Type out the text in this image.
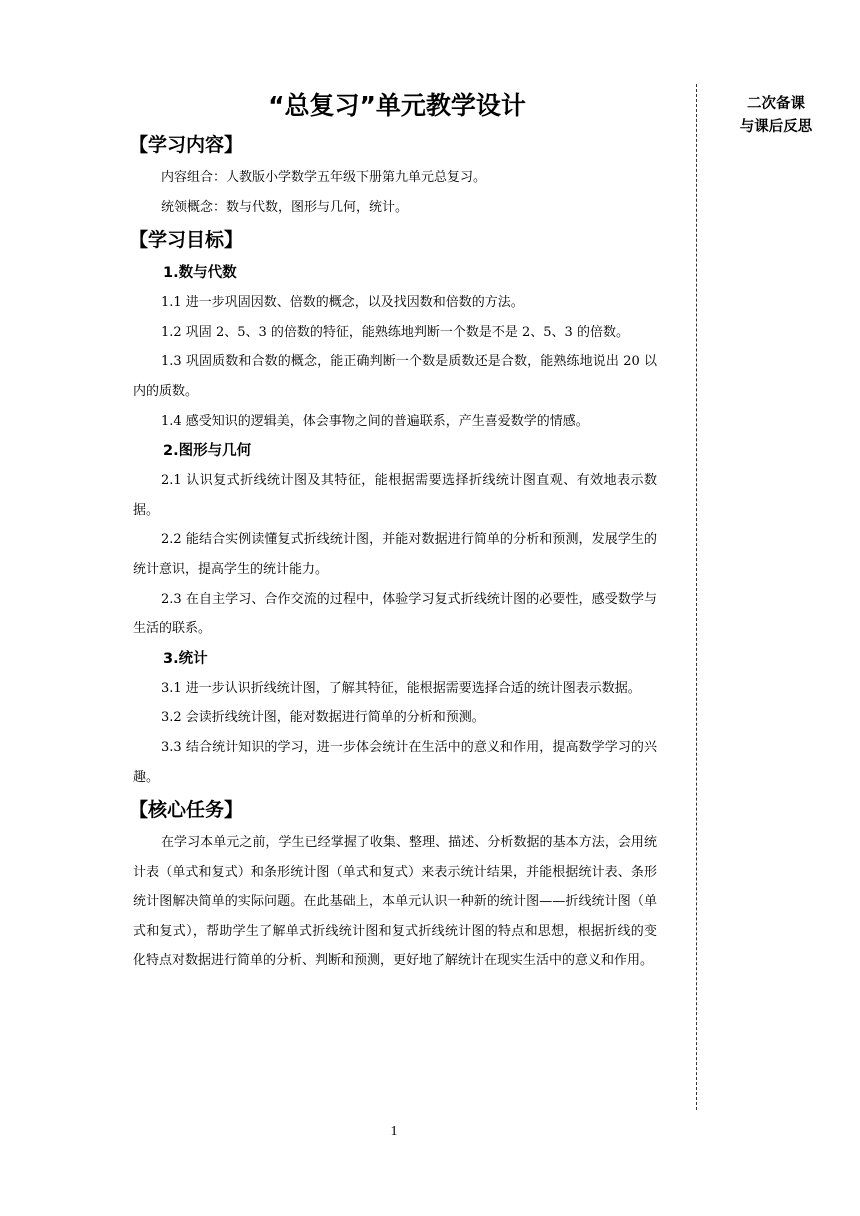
“总复习”单元教学设计
【学习内容】

内容组合：人教版小学数学五年级下册第九单元总复习。

统领概念：数与代数，图形与几何，统计。

【学习目标】
1.数与代数

1.1 进一步巩固因数、倍数的概念，以及找因数和倍数的方法。

1.2 巩固 2、5、3 的倍数的特征，能熟练地判断一个数是不是 2、5、3 的倍数。

1.3 巩固质数和合数的概念，能正确判断一个数是质数还是合数，能熟练地说出 20 以内的质数。

1.4 感受知识的逻辑美，体会事物之间的普遍联系，产生喜爱数学的情感。

2.图形与几何

2.1 认识复式折线统计图及其特征，能根据需要选择折线统计图直观、有效地表示数据。

2.2 能结合实例读懂复式折线统计图，并能对数据进行简单的分析和预测，发展学生的统计意识，提高学生的统计能力。

2.3 在自主学习、合作交流的过程中，体验学习复式折线统计图的必要性，感受数学与生活的联系。

3.统计

3.1 进一步认识折线统计图，了解其特征，能根据需要选择合适的统计图表示数据。

3.2 会读折线统计图，能对数据进行简单的分析和预测。

3.3 结合统计知识的学习，进一步体会统计在生活中的意义和作用，提高数学学习的兴趣。

【核心任务】

在学习本单元之前，学生已经掌握了收集、整理、描述、分析数据的基本方法，会用统计表（单式和复式）和条形统计图（单式和复式）来表示统计结果，并能根据统计表、条形统计图解决简单的实际问题。在此基础上，本单元认识一种新的统计图——折线统计图（单式和复式），帮助学生了解单式折线统计图和复式折线统计图的特点和思想，根据折线的变化特点对数据进行简单的分析、判断和预测，更好地了解统计在现实生活中的意义和作用。

二次备课
与课后反思
1
